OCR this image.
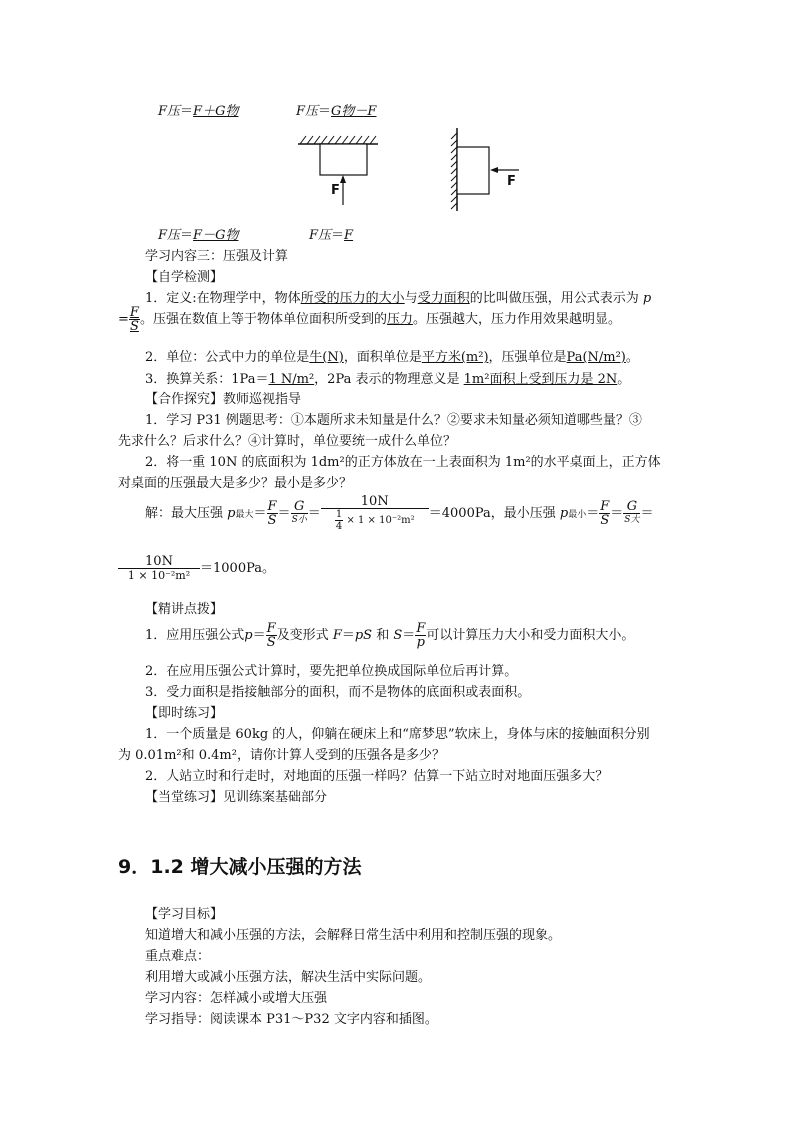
F压＝F＋G物	F压＝G物－F
F
F
F压＝F－G物	F压＝F
学习内容三：压强及计算
【自学检测】
1．定义:在物理学中，物体所受的压力的大小与受力面积的比叫做压强，用公式表示为 p
= $\frac{F}{S}$ 。压强在数值上等于物体单位面积所受到的压力。压强越大，压力作用效果越明显。
2．单位：公式中力的单位是牛(N)，面积单位是平方米(m²)，压强单位是Pa(N/m²)。
3．换算关系：1Pa＝1 N/m²，2Pa 表示的物理意义是 1m²面积上受到压力是 2N。
【合作探究】教师巡视指导
1．学习 P31 例题思考：①本题所求未知量是什么？②要求未知量必须知道哪些量？③
先求什么？后求什么？④计算时，单位要统一成什么单位？
2．将一重 10N 的底面积为 1dm²的正方体放在一上表面积为 1m²的水平桌面上，正方体
对桌面的压强最大是多少？最小是多少？
解：最大压强 p最大＝ $\frac{F}{S} = \frac{G}{\text{S小}} = \frac{10N}{\frac{1}{4} \times 1 \times 10^{-2}m^2} =4000Pa$，最小压强 p最小＝ $\frac{F}{S} = \frac{G}{\text{S大}}$ ＝
$\frac{10N}{\text{1 × 10⁻²m²}} =1000Pa$。
【精讲点拨】
1．应用压强公式$p= \frac{F}{S}$ 及变形式 F＝pS 和 $S= \frac{F}{p}$ 可以计算压力大小和受力面积大小。
2．在应用压强公式计算时，要先把单位换成国际单位后再计算。
3．受力面积是指接触部分的面积，而不是物体的底面积或表面积。
【即时练习】
1．一个质量是 60kg 的人，仰躺在硬床上和“席梦思”软床上，身体与床的接触面积分别
为 0.01m²和 0.4m²，请你计算人受到的压强各是多少？
2．人站立时和行走时，对地面的压强一样吗？估算一下站立时对地面压强多大？
【当堂练习】见训练案基础部分
9．1.2 增大减小压强的方法
【学习目标】
知道增大和减小压强的方法，会解释日常生活中利用和控制压强的现象。
重点难点：
利用增大或减小压强方法，解决生活中实际问题。
学习内容：怎样减小或增大压强
学习指导：阅读课本 P31～P32 文字内容和插图。
